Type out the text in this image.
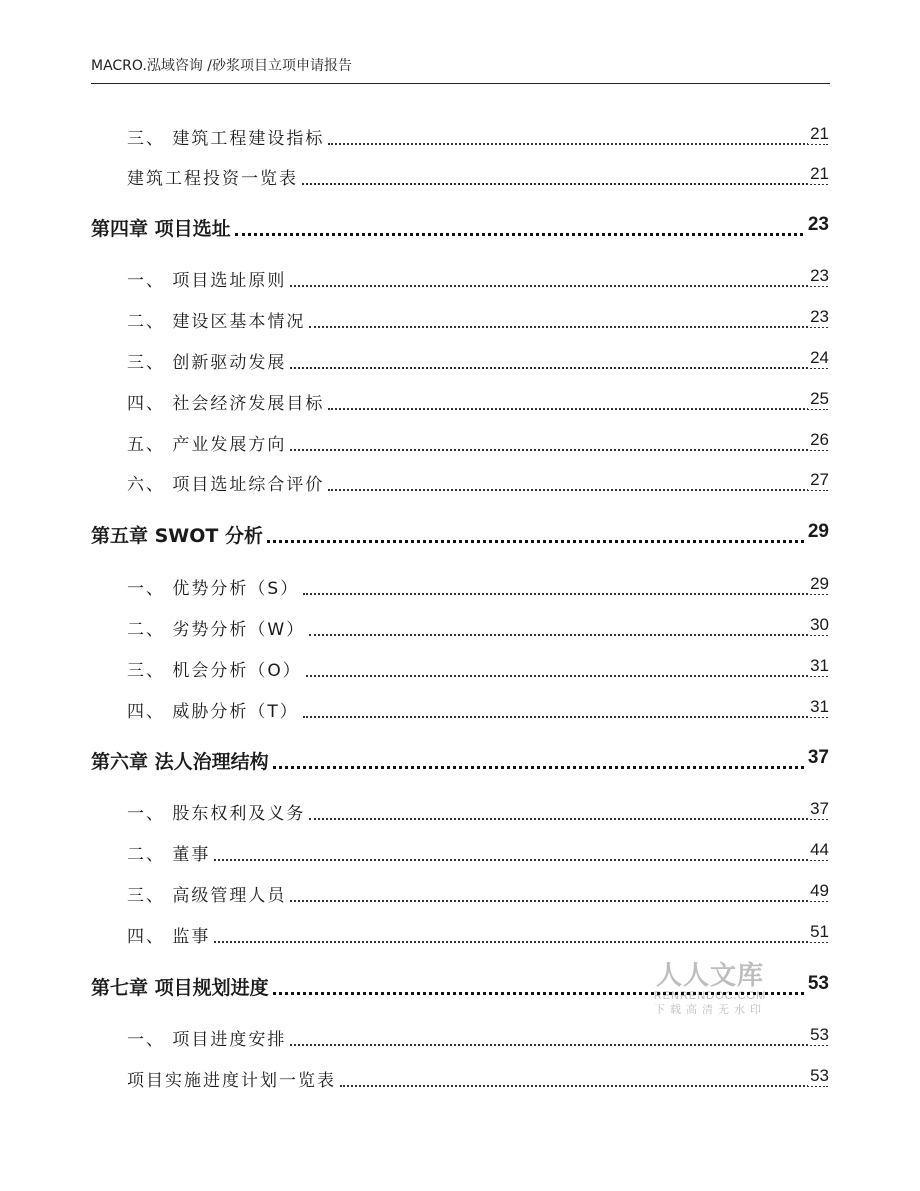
MACRO.泓域咨询 /砂浆项目立项申请报告
三、 建筑工程建设指标	21
建筑工程投资一览表	21
第四章 项目选址	23
一、 项目选址原则	23
二、 建设区基本情况	23
三、 创新驱动发展	24
四、 社会经济发展目标	25
五、 产业发展方向	26
六、 项目选址综合评价	27
第五章 SWOT 分析	29
一、 优势分析（S）	29
二、 劣势分析（W）	30
三、 机会分析（O）	31
四、 威胁分析（T）	31
第六章 法人治理结构	37
一、 股东权利及义务	37
二、 董事	44
三、 高级管理人员	49
四、 监事	51
第七章 项目规划进度	53
一、 项目进度安排	53
项目实施进度计划一览表	53
人人文库
RENRENDOC.COM
下载高清无水印
